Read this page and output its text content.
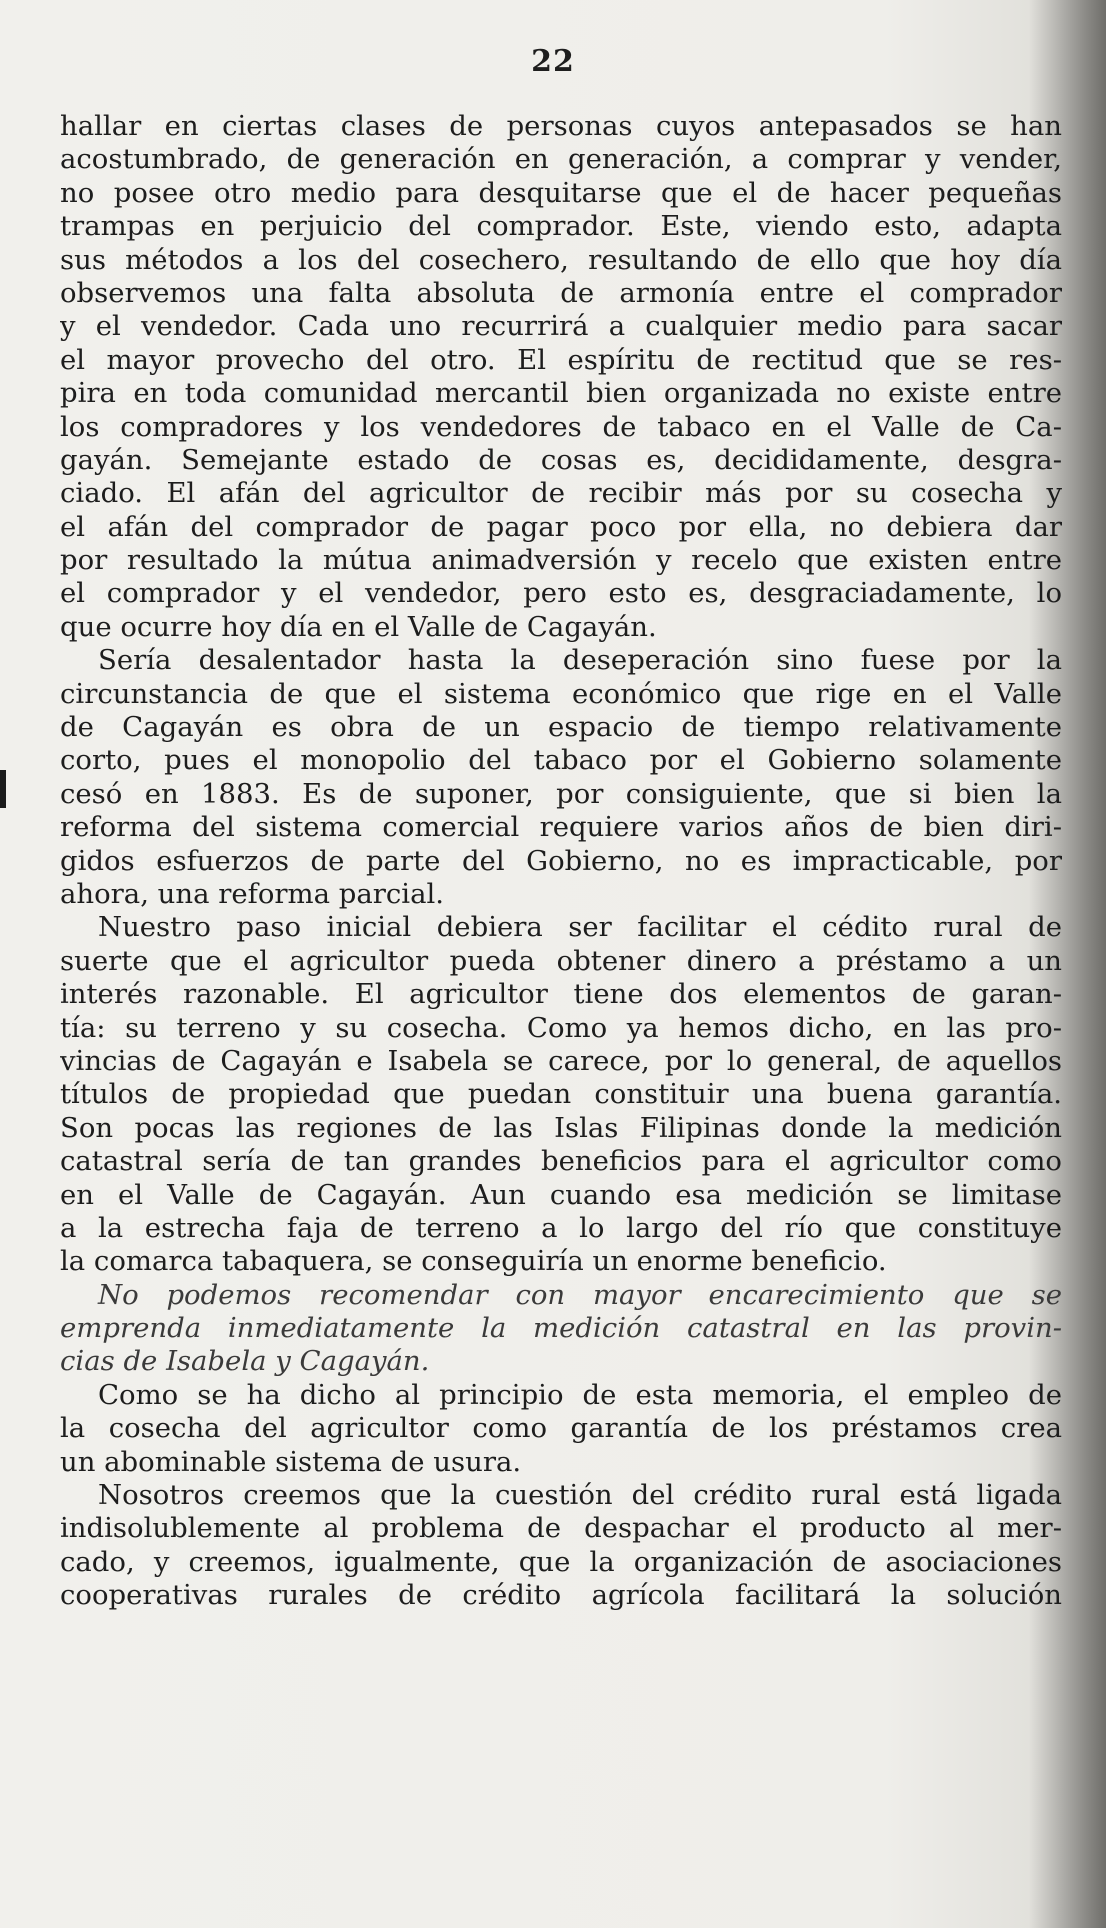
22
hallar en ciertas clases de personas cuyos antepasados se han
acostumbrado, de generación en generación, a comprar y vender,
no posee otro medio para desquitarse que el de hacer pequeñas
trampas en perjuicio del comprador. Este, viendo esto, adapta
sus métodos a los del cosechero, resultando de ello que hoy día
observemos una falta absoluta de armonía entre el comprador
y el vendedor. Cada uno recurrirá a cualquier medio para sacar
el mayor provecho del otro. El espíritu de rectitud que se res-
pira en toda comunidad mercantil bien organizada no existe entre
los compradores y los vendedores de tabaco en el Valle de Ca-
gayán. Semejante estado de cosas es, decididamente, desgra-
ciado. El afán del agricultor de recibir más por su cosecha y
el afán del comprador de pagar poco por ella, no debiera dar
por resultado la mútua animadversión y recelo que existen entre
el comprador y el vendedor, pero esto es, desgraciadamente, lo
que ocurre hoy día en el Valle de Cagayán.
Sería desalentador hasta la deseperación sino fuese por la
circunstancia de que el sistema económico que rige en el Valle
de Cagayán es obra de un espacio de tiempo relativamente
corto, pues el monopolio del tabaco por el Gobierno solamente
cesó en 1883. Es de suponer, por consiguiente, que si bien la
reforma del sistema comercial requiere varios años de bien diri-
gidos esfuerzos de parte del Gobierno, no es impracticable, por
ahora, una reforma parcial.
Nuestro paso inicial debiera ser facilitar el cédito rural de
suerte que el agricultor pueda obtener dinero a préstamo a un
interés razonable. El agricultor tiene dos elementos de garan-
tía: su terreno y su cosecha. Como ya hemos dicho, en las pro-
vincias de Cagayán e Isabela se carece, por lo general, de aquellos
títulos de propiedad que puedan constituir una buena garantía.
Son pocas las regiones de las Islas Filipinas donde la medición
catastral sería de tan grandes beneficios para el agricultor como
en el Valle de Cagayán. Aun cuando esa medición se limitase
a la estrecha faja de terreno a lo largo del río que constituye
la comarca tabaquera, se conseguiría un enorme beneficio.
No podemos recomendar con mayor encarecimiento que se
emprenda inmediatamente la medición catastral en las provin-
cias de Isabela y Cagayán.
Como se ha dicho al principio de esta memoria, el empleo de
la cosecha del agricultor como garantía de los préstamos crea
un abominable sistema de usura.
Nosotros creemos que la cuestión del crédito rural está ligada
indisolublemente al problema de despachar el producto al mer-
cado, y creemos, igualmente, que la organización de asociaciones
cooperativas rurales de crédito agrícola facilitará la solución
